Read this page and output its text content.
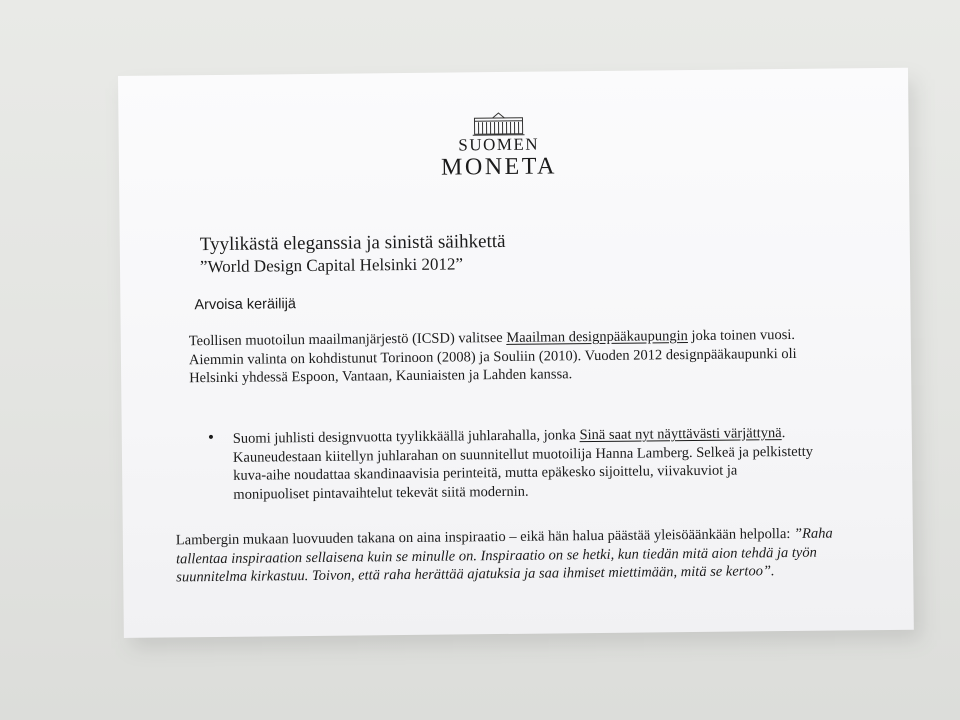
SUOMEN
MONETA
Tyylikästä eleganssia ja sinistä säihkettä
”World Design Capital Helsinki 2012”
Arvoisa keräilijä
Teollisen muotoilun maailmanjärjestö (ICSD) valitsee Maailman designpääkaupungin joka toinen vuosi. Aiemmin valinta on kohdistunut Torinoon (2008) ja Souliin (2010). Vuoden 2012 designpääkaupunki oli Helsinki yhdessä Espoon, Vantaan, Kauniaisten ja Lahden kanssa.
• Suomi juhlisti designvuotta tyylikkäällä juhlarahalla, jonka Sinä saat nyt näyttävästi värjättynä. Kauneudestaan kiitellyn juhlarahan on suunnitellut muotoilija Hanna Lamberg. Selkeä ja pelkistetty kuva-aihe noudattaa skandinaavisia perinteitä, mutta epäkesko sijoittelu, viivakuviot ja monipuoliset pintavaihtelut tekevät siitä modernin.
Lambergin mukaan luovuuden takana on aina inspiraatio – eikä hän halua päästää yleisöäänkään helpolla: ”Raha tallentaa inspiraation sellaisena kuin se minulle on. Inspiraatio on se hetki, kun tiedän mitä aion tehdä ja työn suunnitelma kirkastuu. Toivon, että raha herättää ajatuksia ja saa ihmiset miettimään, mitä se kertoo”.
